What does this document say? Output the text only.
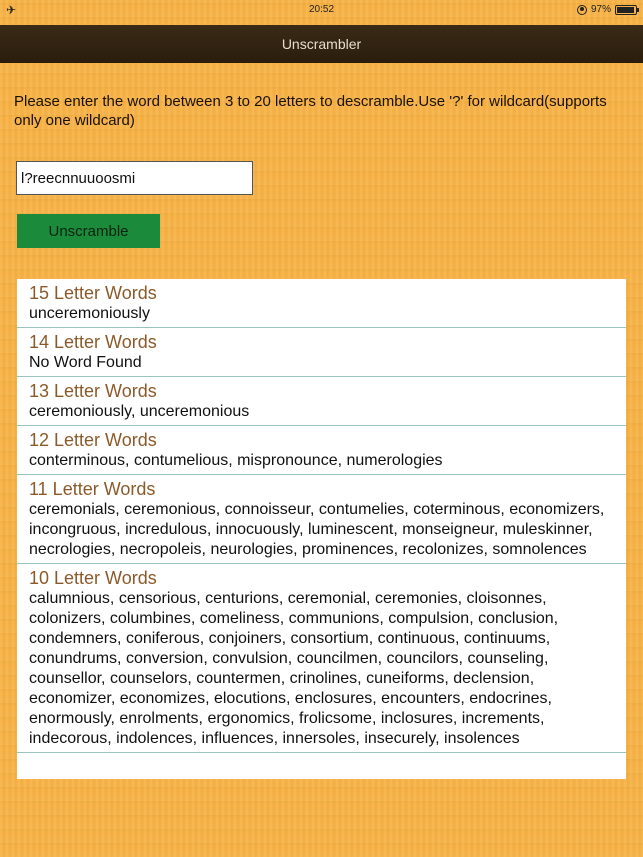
✈	20:52	97%
Unscrambler
Please enter the word between 3 to 20 letters to descramble.Use '?' for wildcard(supports only one wildcard)
l?reecnnuuoosmi
Unscramble
15 Letter Words
unceremoniously
14 Letter Words
No Word Found
13 Letter Words
ceremoniously, unceremonious
12 Letter Words
conterminous, contumelious, mispronounce, numerologies
11 Letter Words
ceremonials, ceremonious, connoisseur, contumelies, coterminous, economizers, incongruous, incredulous, innocuously, luminescent, monseigneur, muleskinner, necrologies, necropoleis, neurologies, prominences, recolonizes, somnolences
10 Letter Words
calumnious, censorious, centurions, ceremonial, ceremonies, cloisonnes, colonizers, columbines, comeliness, communions, compulsion, conclusion, condemners, coniferous, conjoiners, consortium, continuous, continuums, conundrums, conversion, convulsion, councilmen, councilors, counseling, counsellor, counselors, countermen, crinolines, cuneiforms, declension, economizer, economizes, elocutions, enclosures, encounters, endocrines, enormously, enrolments, ergonomics, frolicsome, inclosures, increments, indecorous, indolences, influences, innersoles, insecurely, insolences
